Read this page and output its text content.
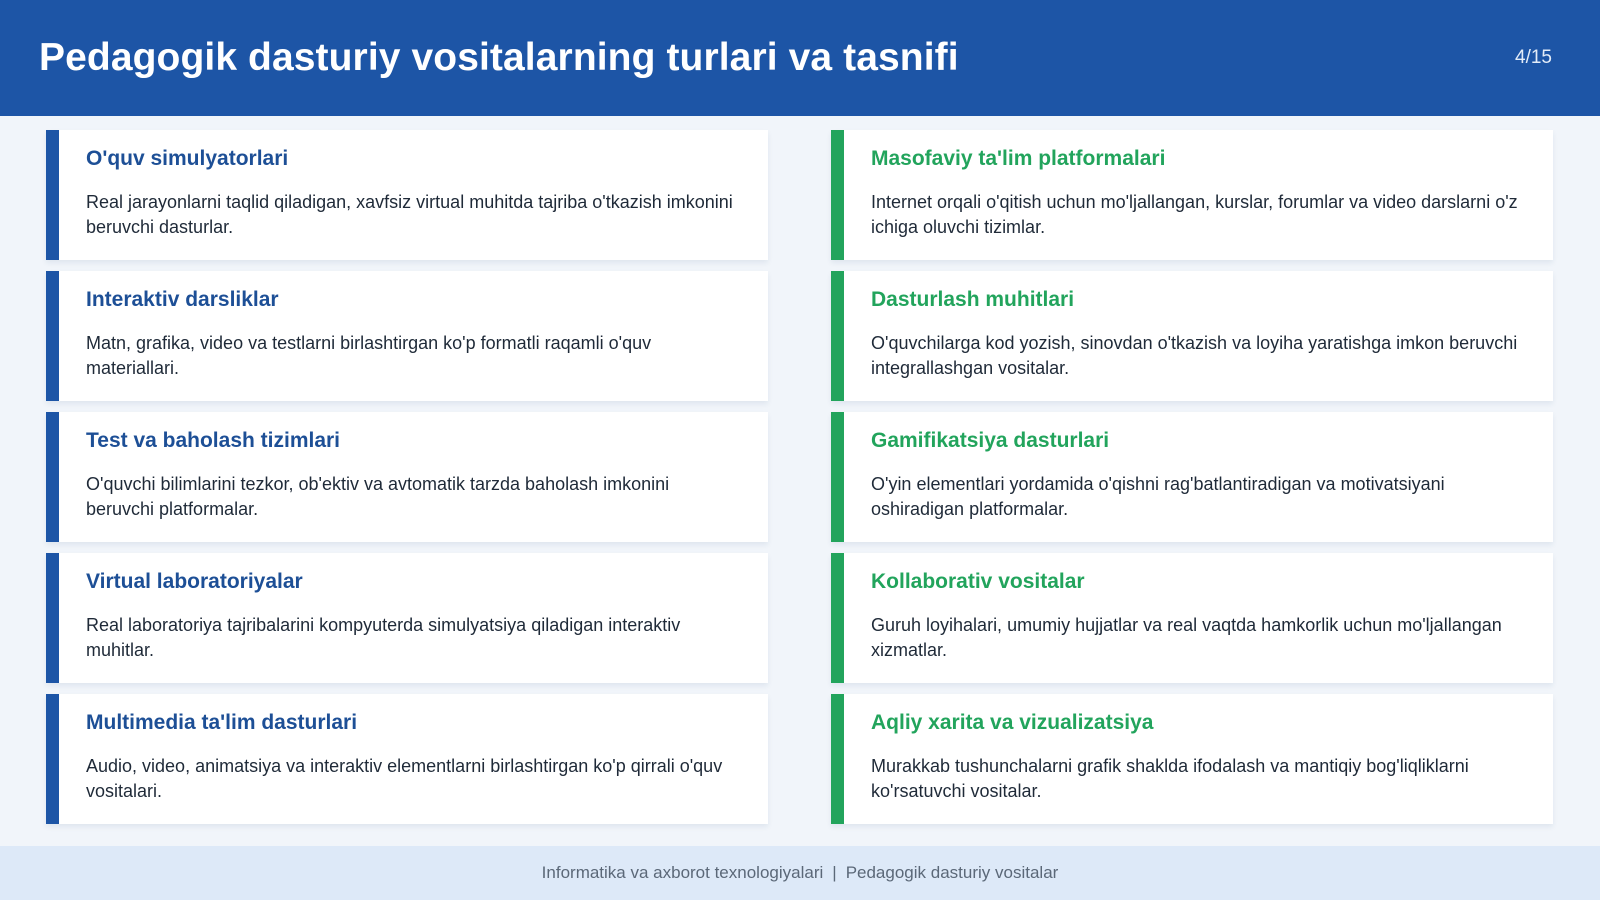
Pedagogik dasturiy vositalarning turlari va tasnifi	4/15
O'quv simulyatorlari
Real jarayonlarni taqlid qiladigan, xavfsiz virtual muhitda tajriba o'tkazish imkonini beruvchi dasturlar.
Interaktiv darsliklar
Matn, grafika, video va testlarni birlashtirgan ko'p formatli raqamli o'quv materiallari.
Test va baholash tizimlari
O'quvchi bilimlarini tezkor, ob'ektiv va avtomatik tarzda baholash imkonini beruvchi platformalar.
Virtual laboratoriyalar
Real laboratoriya tajribalarini kompyuterda simulyatsiya qiladigan interaktiv muhitlar.
Multimedia ta'lim dasturlari
Audio, video, animatsiya va interaktiv elementlarni birlashtirgan ko'p qirrali o'quv vositalari.
Masofaviy ta'lim platformalari
Internet orqali o'qitish uchun mo'ljallangan, kurslar, forumlar va video darslarni o'z ichiga oluvchi tizimlar.
Dasturlash muhitlari
O'quvchilarga kod yozish, sinovdan o'tkazish va loyiha yaratishga imkon beruvchi integrallashgan vositalar.
Gamifikatsiya dasturlari
O'yin elementlari yordamida o'qishni rag'batlantiradigan va motivatsiyani oshiradigan platformalar.
Kollaborativ vositalar
Guruh loyihalari, umumiy hujjatlar va real vaqtda hamkorlik uchun mo'ljallangan xizmatlar.
Aqliy xarita va vizualizatsiya
Murakkab tushunchalarni grafik shaklda ifodalash va mantiqiy bog'liqliklarni ko'rsatuvchi vositalar.
Informatika va axborot texnologiyalari | Pedagogik dasturiy vositalar
